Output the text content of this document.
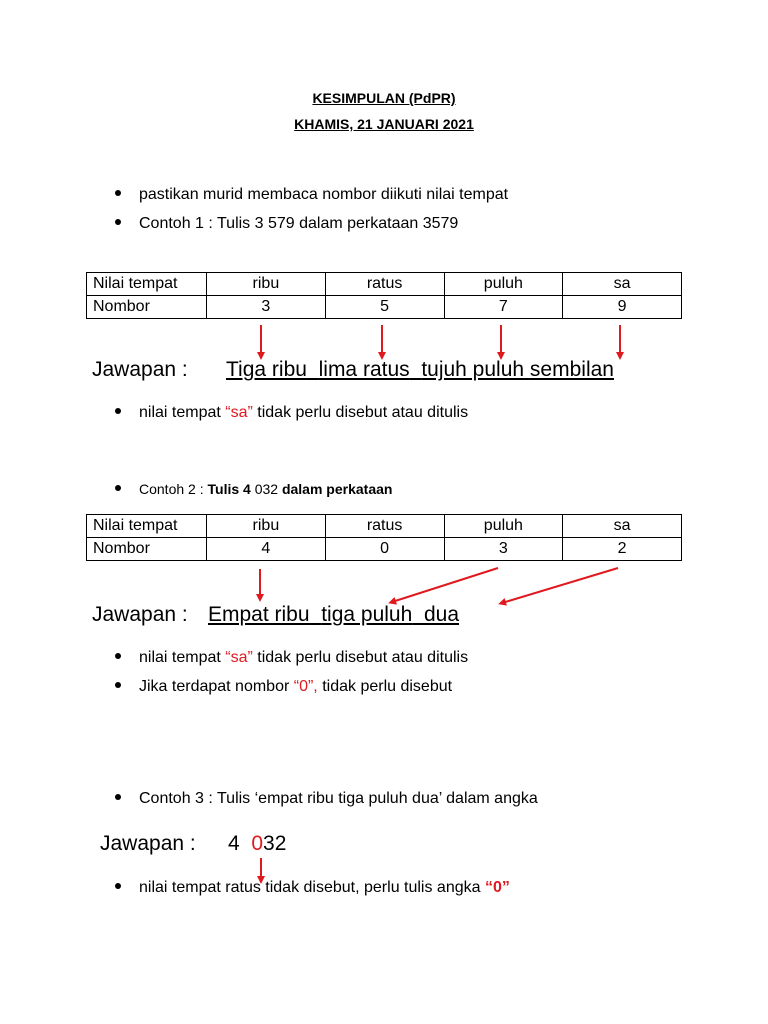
KESIMPULAN (PdPR)
KHAMIS, 21 JANUARI 2021
pastikan murid membaca nombor diikuti nilai tempat
Contoh 1 : Tulis 3 579 dalam perkataan 3579
Nilai tempat	ribu	ratus	puluh	sa
Nombor	3	5	7	9
Jawapan : Tiga ribu lima ratus tujuh puluh sembilan
nilai tempat “sa” tidak perlu disebut atau ditulis
Contoh 2 : Tulis 4 032 dalam perkataan
Nilai tempat	ribu	ratus	puluh	sa
Nombor	4	0	3	2
Jawapan : Empat ribu tiga puluh dua
nilai tempat “sa” tidak perlu disebut atau ditulis
Jika terdapat nombor “0”, tidak perlu disebut
Contoh 3 : Tulis ‘empat ribu tiga puluh dua’ dalam angka
Jawapan : 4 032
nilai tempat ratus tidak disebut, perlu tulis angka “0”
